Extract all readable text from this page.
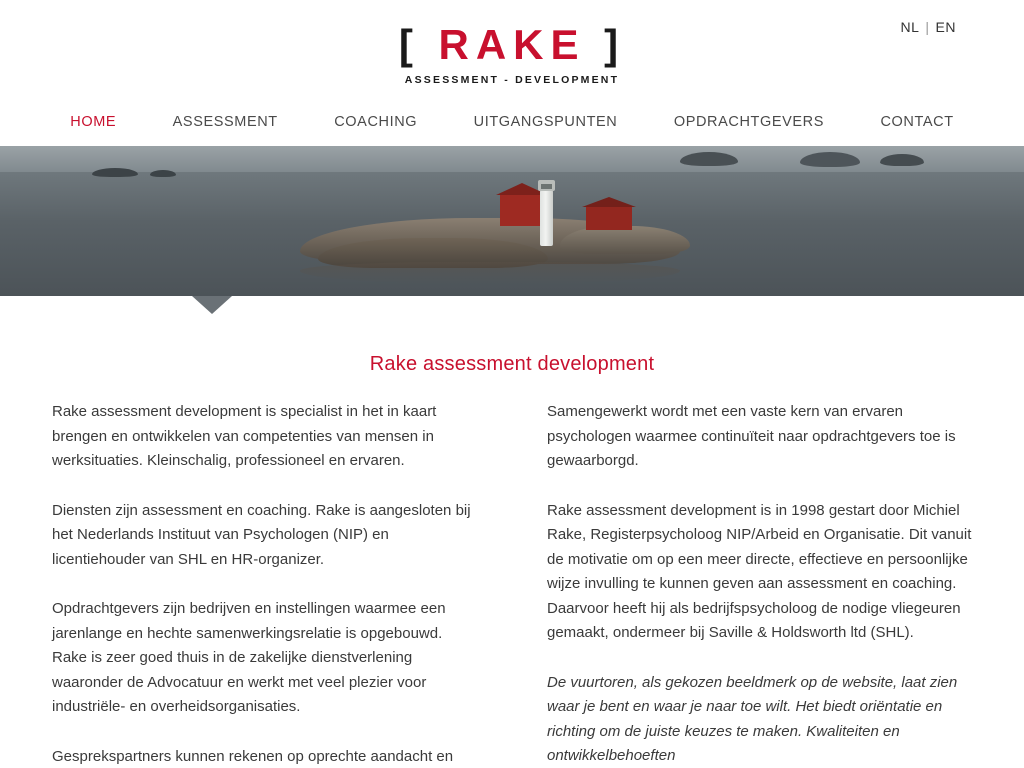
NL | EN
[ RAKE ]
ASSESSMENT - DEVELOPMENT
HOME	ASSESSMENT	COACHING	UITGANGSPUNTEN	OPDRACHTGEVERS	CONTACT
Rake assessment development

Rake assessment development is specialist in het in kaart brengen en ontwikkelen van competenties van mensen in werksituaties. Kleinschalig, professioneel en ervaren.

Diensten zijn assessment en coaching. Rake is aangesloten bij het Nederlands Instituut van Psychologen (NIP) en licentiehouder van SHL en HR-organizer.

Opdrachtgevers zijn bedrijven en instellingen waarmee een jarenlange en hechte samenwerkingsrelatie is opgebouwd. Rake is zeer goed thuis in de zakelijke dienstverlening waaronder de Advocatuur en werkt met veel plezier voor industriële- en overheidsorganisaties.

Gesprekspartners kunnen rekenen op oprechte aandacht en

Samengewerkt wordt met een vaste kern van ervaren psychologen waarmee continuïteit naar opdrachtgevers toe is gewaarborgd.

Rake assessment development is in 1998 gestart door Michiel Rake, Registerpsycholoog NIP/Arbeid en Organisatie. Dit vanuit de motivatie om op een meer directe, effectieve en persoonlijke wijze invulling te kunnen geven aan assessment en coaching. Daarvoor heeft hij als bedrijfspsycholoog de nodige vliegeuren gemaakt, ondermeer bij Saville & Holdsworth ltd (SHL).

De vuurtoren, als gekozen beeldmerk op de website, laat zien waar je bent en waar je naar toe wilt. Het biedt oriëntatie en richting om de juiste keuzes te maken. Kwaliteiten en ontwikkelbehoeften
